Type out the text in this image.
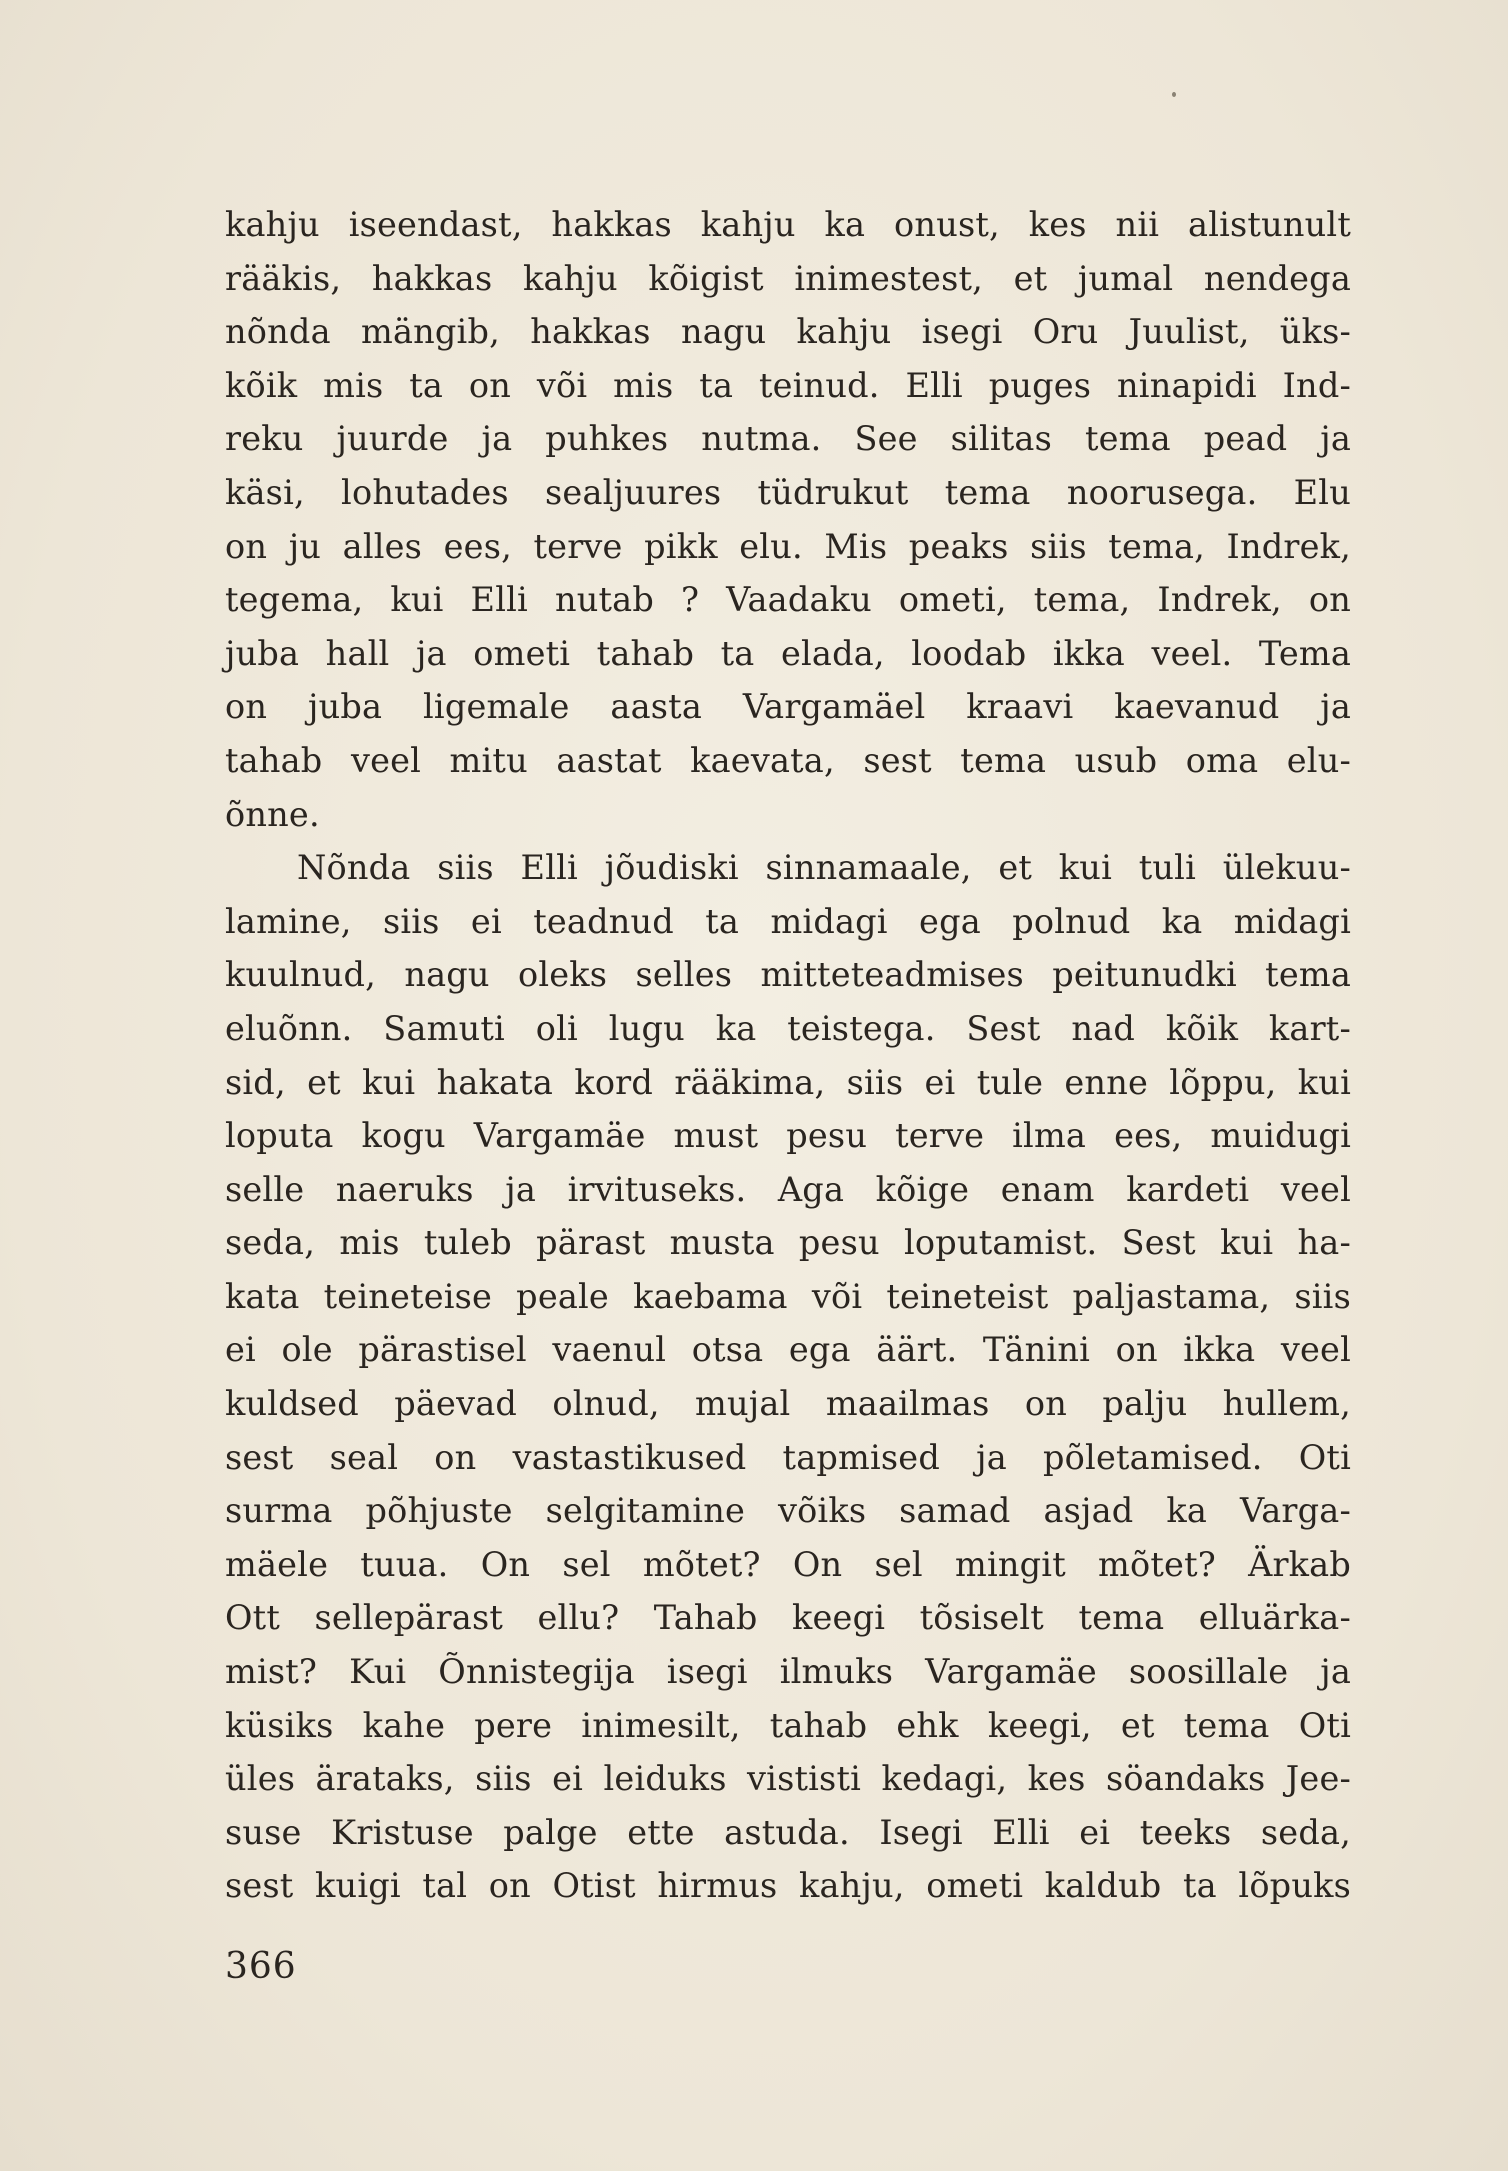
kahju iseendast, hakkas kahju ka onust, kes nii alistunult
rääkis, hakkas kahju kõigist inimestest, et jumal nendega
nõnda mängib, hakkas nagu kahju isegi Oru Juulist, üks-
kõik mis ta on või mis ta teinud. Elli puges ninapidi Ind-
reku juurde ja puhkes nutma. See silitas tema pead ja
käsi, lohutades sealjuures tüdrukut tema noorusega. Elu
on ju alles ees, terve pikk elu. Mis peaks siis tema, Indrek,
tegema, kui Elli nutab ? Vaadaku ometi, tema, Indrek, on
juba hall ja ometi tahab ta elada, loodab ikka veel. Tema
on juba ligemale aasta Vargamäel kraavi kaevanud ja
tahab veel mitu aastat kaevata, sest tema usub oma elu-
õnne.
Nõnda siis Elli jõudiski sinnamaale, et kui tuli ülekuu-
lamine, siis ei teadnud ta midagi ega polnud ka midagi
kuulnud, nagu oleks selles mitteteadmises peitunudki tema
eluõnn. Samuti oli lugu ka teistega. Sest nad kõik kart-
sid, et kui hakata kord rääkima, siis ei tule enne lõppu, kui
loputa kogu Vargamäe must pesu terve ilma ees, muidugi
selle naeruks ja irvituseks. Aga kõige enam kardeti veel
seda, mis tuleb pärast musta pesu loputamist. Sest kui ha-
kata teineteise peale kaebama või teineteist paljastama, siis
ei ole pärastisel vaenul otsa ega äärt. Tänini on ikka veel
kuldsed päevad olnud, mujal maailmas on palju hullem,
sest seal on vastastikused tapmised ja põletamised. Oti
surma põhjuste selgitamine võiks samad asjad ka Varga-
mäele tuua. On sel mõtet? On sel mingit mõtet? Ärkab
Ott sellepärast ellu? Tahab keegi tõsiselt tema elluärka-
mist? Kui Õnnistegija isegi ilmuks Vargamäe soosillale ja
küsiks kahe pere inimesilt, tahab ehk keegi, et tema Oti
üles ärataks, siis ei leiduks vististi kedagi, kes söandaks Jee-
suse Kristuse palge ette astuda. Isegi Elli ei teeks seda,
sest kuigi tal on Otist hirmus kahju, ometi kaldub ta lõpuks
366
